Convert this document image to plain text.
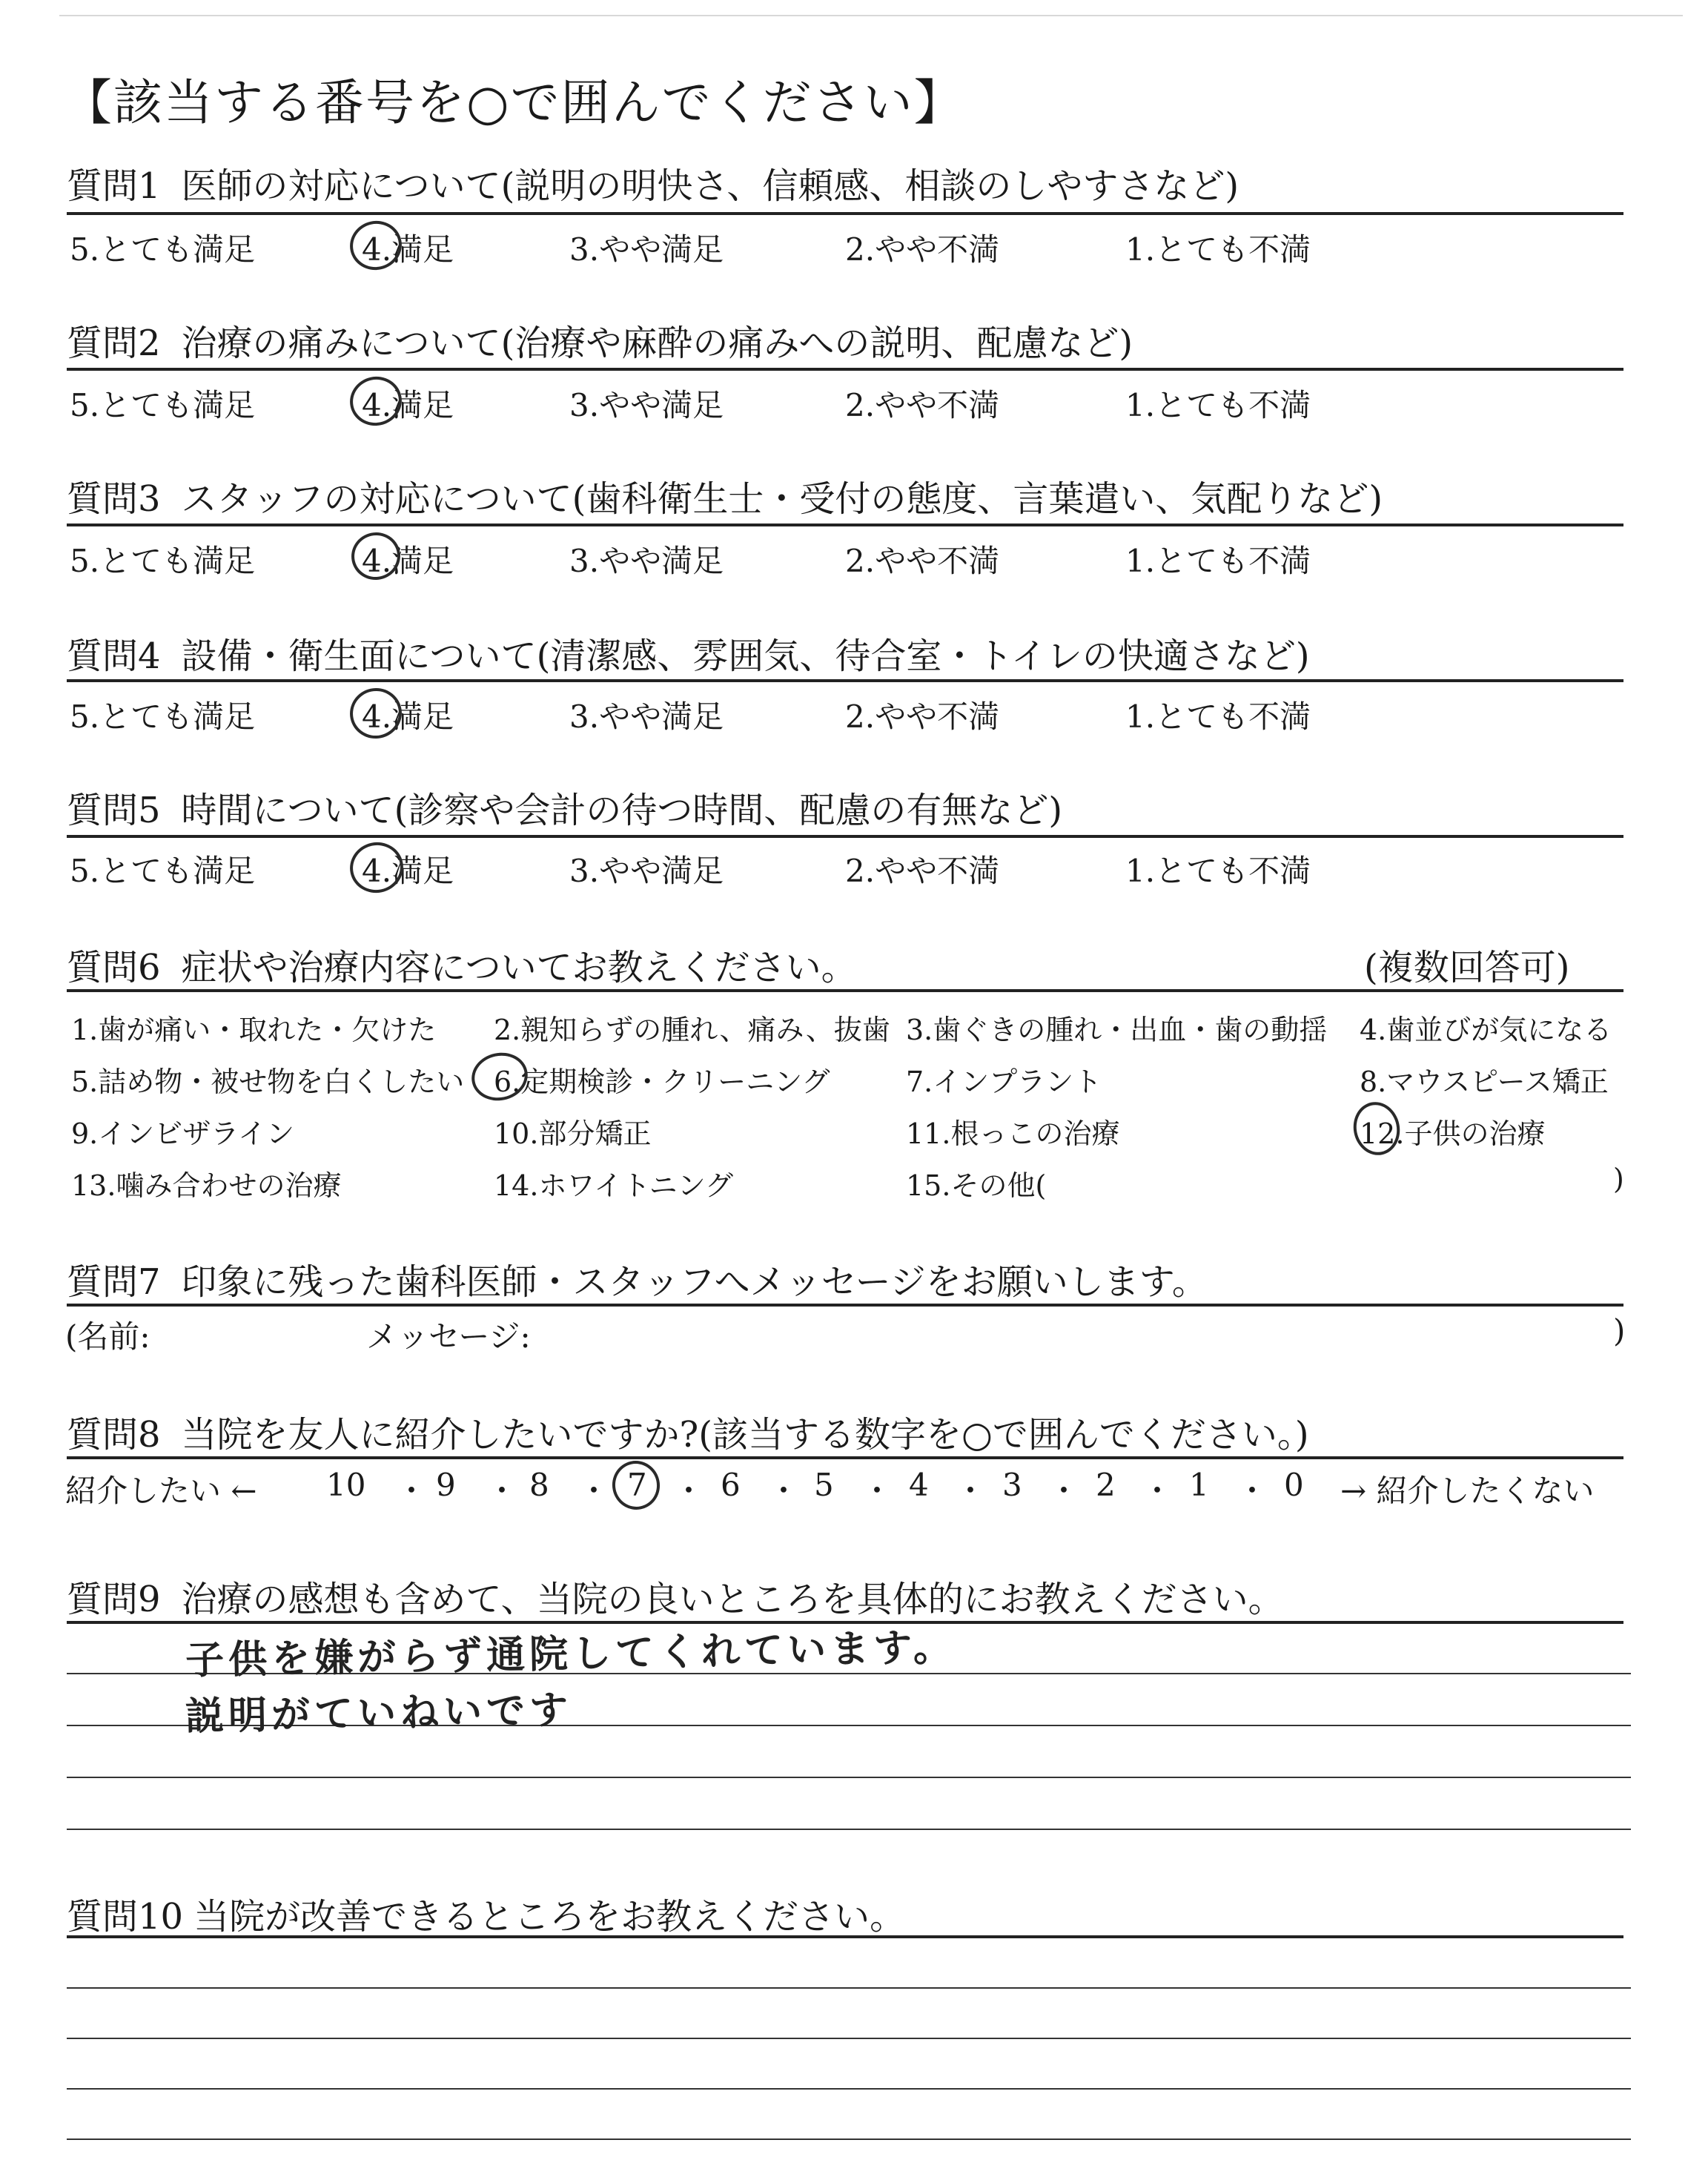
【該当する番号を○で囲んでください】
質問1 医師の対応について(説明の明快さ、信頼感、相談のしやすさなど)
5.とても満足	4.満足	3.やや満足	2.やや不満	1.とても不満
質問2 治療の痛みについて(治療や麻酔の痛みへの説明、配慮など)
5.とても満足	4.満足	3.やや満足	2.やや不満	1.とても不満
質問3 スタッフの対応について(歯科衛生士・受付の態度、言葉遣い、気配りなど)
5.とても満足	4.満足	3.やや満足	2.やや不満	1.とても不満
質問4 設備・衛生面について(清潔感、雰囲気、待合室・トイレの快適さなど)
5.とても満足	4.満足	3.やや満足	2.やや不満	1.とても不満
質問5 時間について(診察や会計の待つ時間、配慮の有無など)
5.とても満足	4.満足	3.やや満足	2.やや不満	1.とても不満
質問6 症状や治療内容についてお教えください。	(複数回答可)
1.歯が痛い・取れた・欠けた 2.親知らずの腫れ、痛み、抜歯 3.歯ぐきの腫れ・出血・歯の動揺 4.歯並びが気になる
5.詰め物・被せ物を白くしたい 6.定期検診・クリーニング	7.インプラント	8.マウスピース矯正
9.インビザライン	10.部分矯正	11.根っこの治療	12.子供の治療
13.噛み合わせの治療	14.ホワイトニング	15.その他(	)
質問7 印象に残った歯科医師・スタッフへメッセージをお願いします。
(名前:	メッセージ:	)
質問8 当院を友人に紹介したいですか?(該当する数字を○で囲んでください。)
紹介したい ← 10 ・ 9 ・ 8 ・ 7 ・ 6 ・ 5 ・ 4 ・ 3 ・ 2 ・ 1 ・ 0 → 紹介したくない
質問9 治療の感想も含めて、当院の良いところを具体的にお教えください。
子供を嫌がらず通院してくれています。
説明がていねいです
質問10 当院が改善できるところをお教えください。
